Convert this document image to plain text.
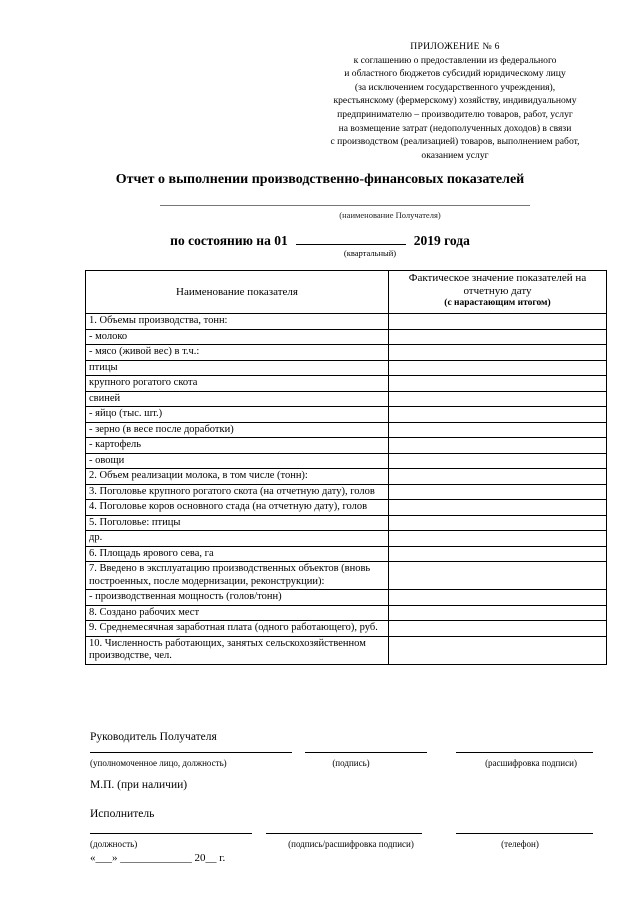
ПРИЛОЖЕНИЕ № 6
к соглашению о предоставлении из федерального
и областного бюджетов субсидий юридическому лицу
(за исключением государственного учреждения),
крестьянскому (фермерскому) хозяйству, индивидуальному
предпринимателю – производителю товаров, работ, услуг
на возмещение затрат (недополученных доходов) в связи
с производством (реализацией) товаров, выполнением работ,
оказанием услуг
Отчет о выполнении производственно-финансовых показателей
(наименование Получателя)
по состоянию на 01	2019 года
(квартальный)
Наименование показателя	Фактическое значение показателей на отчетную дату
(с нарастающим итогом)

1. Объемы производства, тонн:	
- молоко	
- мясо (живой вес) в т.ч.:	
птицы	
крупного рогатого скота	
свиней	
- яйцо (тыс. шт.)	
- зерно (в весе после доработки)	
- картофель	
- овощи	
2. Объем реализации молока, в том числе (тонн):	
3. Поголовье крупного рогатого скота (на отчетную дату), голов	
4. Поголовье коров основного стада (на отчетную дату), голов	
5. Поголовье: птицы	
др.	
6. Площадь ярового сева, га	
7. Введено в эксплуатацию производственных объектов (вновь построенных, после модернизации, реконструкции):	
- производственная мощность (голов/тонн)	
8. Создано рабочих мест	
9. Среднемесячная заработная плата (одного работающего), руб.	
10. Численность работающих, занятых сельскохозяйственном производстве, чел.	
Руководитель Получателя
(уполномоченное лицо, должность)	(подпись)	(расшифровка подписи)
М.П. (при наличии)
Исполнитель
(должность)	(подпись/расшифровка подписи)	(телефон)
«___» _____________ 20__ г.
